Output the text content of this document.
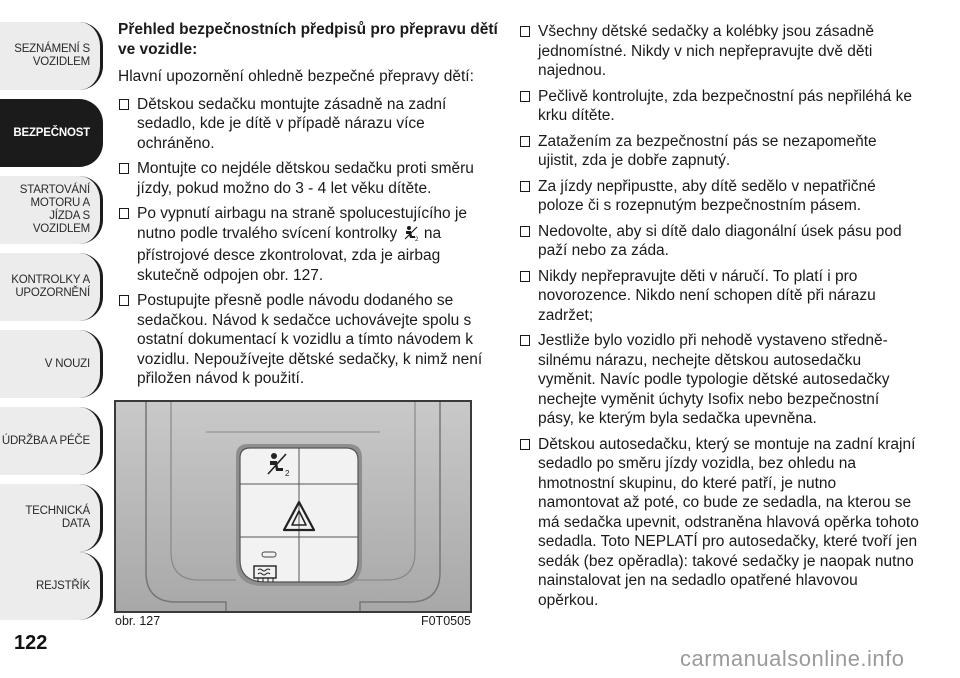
SEZNÁMENÍ S
VOZIDLEM
BEZPEČNOST
STARTOVÁNÍ
MOTORU A JÍZDA S
VOZIDLEM
KONTROLKY A
UPOZORNĚNÍ
V NOUZI
ÚDRŽBA A PÉČE
TECHNICKÁ DATA
REJSTŘÍK
122

Přehled bezpečnostních předpisů pro přepravu dětí ve vozidle:

Hlavní upozornění ohledně bezpečné přepravy dětí:

Dětskou sedačku montujte zásadně na zadní sedadlo, kde je dítě v případě nárazu více ochráněno.
Montujte co nejdéle dětskou sedačku proti směru jízdy, pokud možno do 3 - 4 let věku dítěte.
Po vypnutí airbagu na straně spolucestujícího je nutno podle trvalého svícení kontrolky 2 na přístrojové desce zkontrolovat, zda je airbag skutečně odpojen obr. 127.
Postupujte přesně podle návodu dodaného se sedačkou. Návod k sedačce uchovávejte spolu s ostatní dokumentací k vozidlu a tímto návodem k vozidlu. Nepoužívejte dětské sedačky, k nimž není přiložen návod k použití.
2
obr. 127	F0T0505
Všechny dětské sedačky a kolébky jsou zásadně jednomístné. Nikdy v nich nepřepravujte dvě děti najednou.
Pečlivě kontrolujte, zda bezpečnostní pás nepřiléhá ke krku dítěte.
Zatažením za bezpečnostní pás se nezapomeňte ujistit, zda je dobře zapnutý.
Za jízdy nepřipustte, aby dítě sedělo v nepatřičné poloze či s rozepnutým bezpečnostním pásem.
Nedovolte, aby si dítě dalo diagonální úsek pásu pod paží nebo za záda.
Nikdy nepřepravujte děti v náručí. To platí i pro novorozence. Nikdo není schopen dítě při nárazu zadržet;
Jestliže bylo vozidlo při nehodě vystaveno středně-silnému nárazu, nechejte dětskou autosedačku vyměnit. Navíc podle typologie dětské autosedačky nechejte vyměnit úchyty Isofix nebo bezpečnostní pásy, ke kterým byla sedačka upevněna.
Dětskou autosedačku, který se montuje na zadní krajní sedadlo po směru jízdy vozidla, bez ohledu na hmotnostní skupinu, do které patří, je nutno namontovat až poté, co bude ze sedadla, na kterou se má sedačka upevnit, odstraněna hlavová opěrka tohoto sedadla. Toto NEPLATÍ pro autosedačky, které tvoří jen sedák (bez opěradla): takové sedačky je naopak nutno nainstalovat jen na sedadlo opatřené hlavovou opěrkou.
carmanualsonline.info
